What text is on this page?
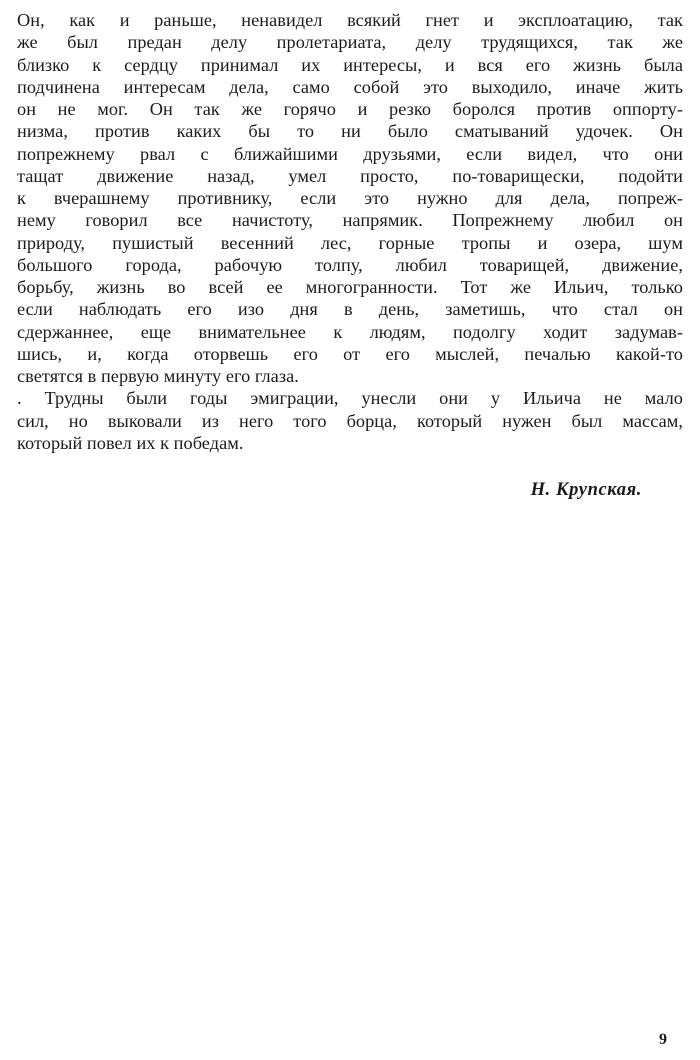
Он, как и раньше, ненавидел всякий гнет и эксплоатацию, так
же был предан делу пролетариата, делу трудящихся, так же
близко к сердцу принимал их интересы, и вся его жизнь была
подчинена интересам дела, само собой это выходило, иначе жить
он не мог. Он так же горячо и резко боролся против оппорту-
низма, против каких бы то ни было сматываний удочек. Он
попрежнему рвал с ближайшими друзьями, если видел, что они
тащат движение назад, умел просто, по-товарищески, подойти
к вчерашнему противнику, если это нужно для дела, попреж-
нему говорил все начистоту, напрямик. Попрежнему любил он
природу, пушистый весенний лес, горные тропы и озера, шум
большого города, рабочую толпу, любил товарищей, движение,
борьбу, жизнь во всей ее многогранности. Тот же Ильич, только
если наблюдать его изо дня в день, заметишь, что стал он
сдержаннее, еще внимательнее к людям, подолгу ходит задумав-
шись, и, когда оторвешь его от его мыслей, печалью какой-то
светятся в первую минуту его глаза.
. Трудны были годы эмиграции, унесли они у Ильича не мало
сил, но выковали из него того борца, который нужен был массам,
который повел их к победам.
Н. Крупская.
9
